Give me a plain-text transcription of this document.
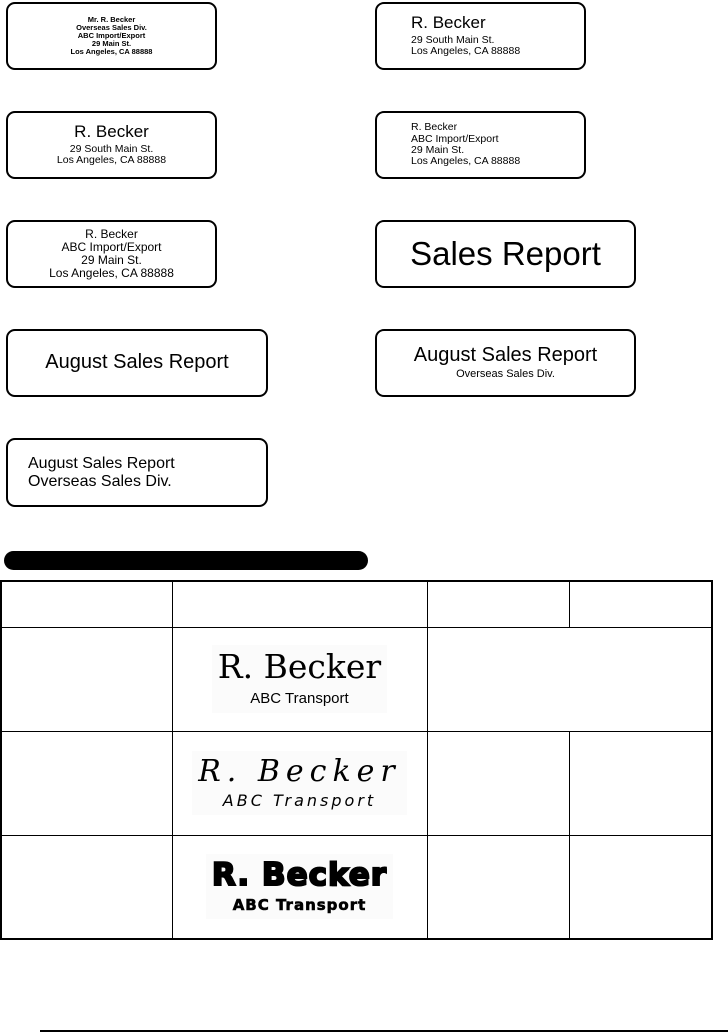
Mr. R. Becker
Overseas Sales Div.
ABC Import/Export
29 Main St.
Los Angeles, CA 88888
R. Becker
29 South Main St.
Los Angeles, CA 88888
R. Becker
29 South Main St.
Los Angeles, CA 88888
R. Becker
ABC Import/Export
29 Main St.
Los Angeles, CA 88888
R. Becker
ABC Import/Export
29 Main St.
Los Angeles, CA 88888
Sales Report
August Sales Report	August Sales Report
Overseas Sales Div.
August Sales Report
Overseas Sales Div.

	R. Becker
ABC Transport		

	R. Becker
ABC Transport		

	R. Becker
ABC Transport		
